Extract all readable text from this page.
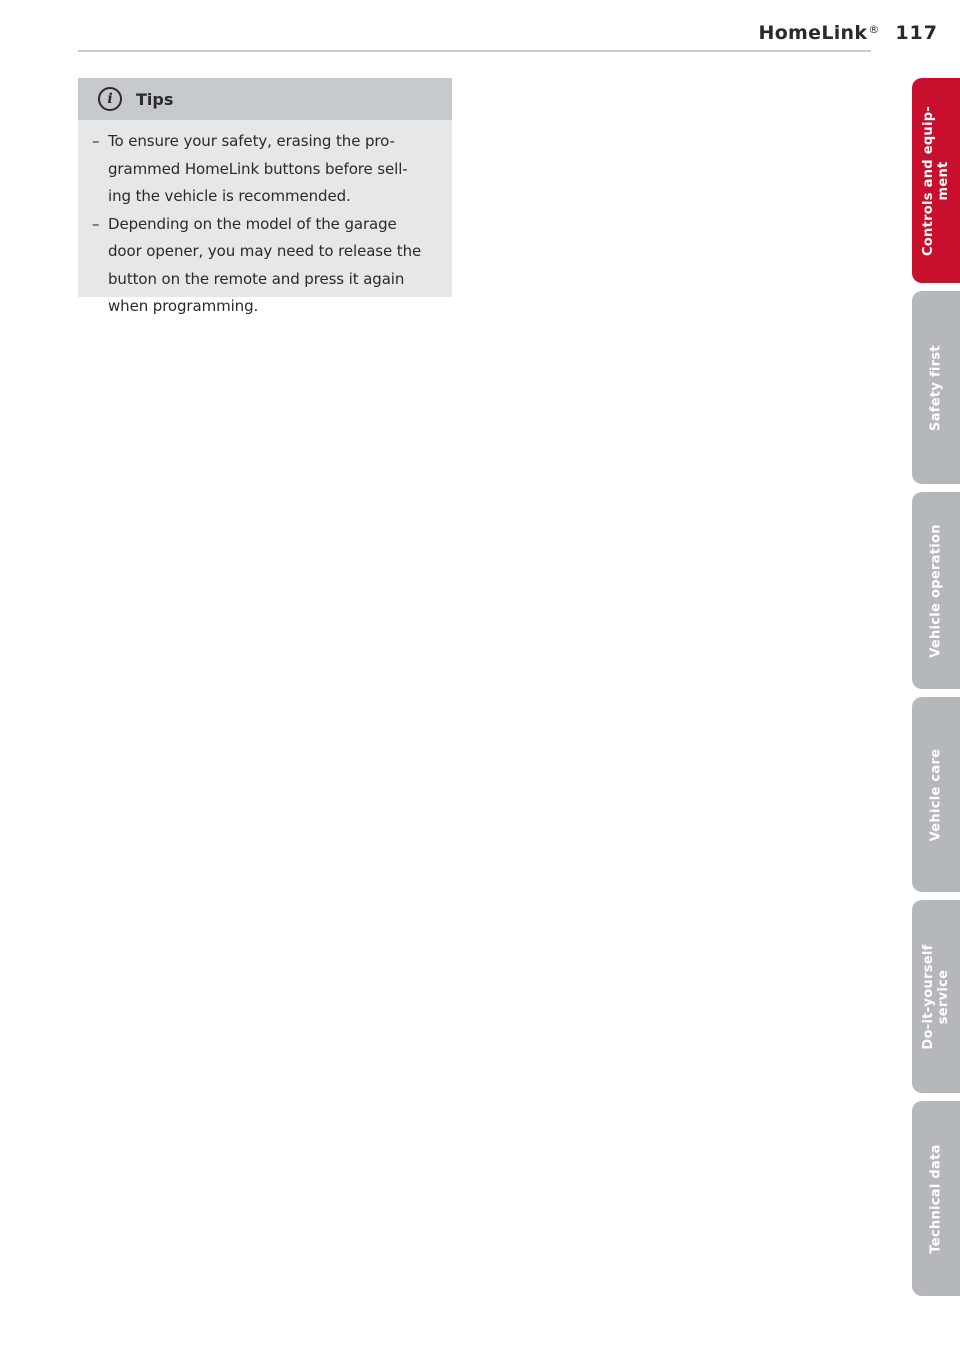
HomeLink ® 117
i	Tips
– To ensure your safety, erasing the pro-
grammed HomeLink buttons before sell-
ing the vehicle is recommended.
– Depending on the model of the garage
door opener, you may need to release the
button on the remote and press it again
when programming.
Controls and equip- ment
Safety first
Vehicle operation
Vehicle care
Do-it-yourself service
Technical data
